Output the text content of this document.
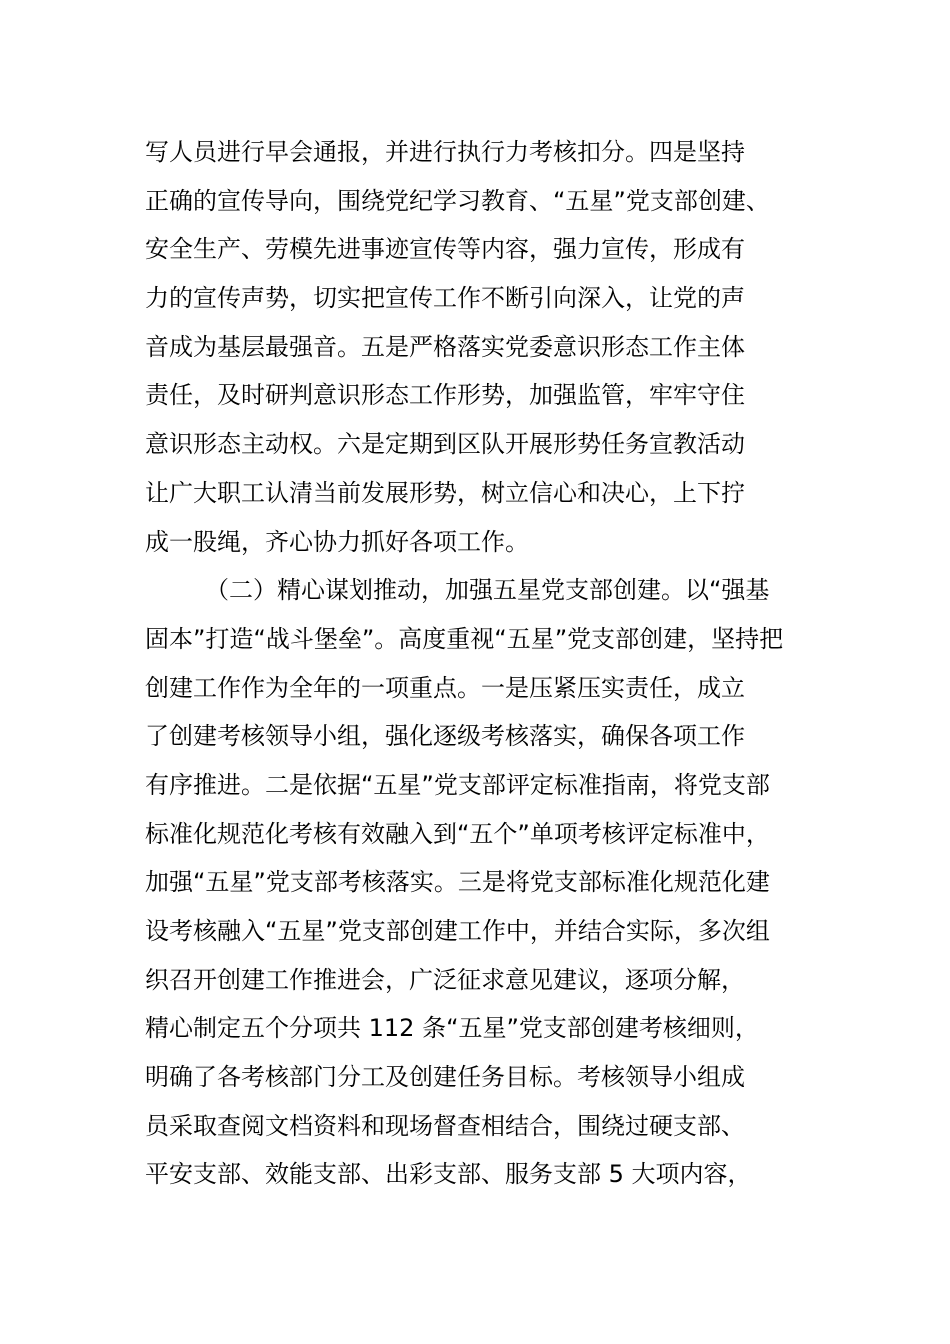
写人员进行早会通报，并进行执行力考核扣分。四是坚持
正确的宣传导向，围绕党纪学习教育、“五星”党支部创建、
安全生产、劳模先进事迹宣传等内容，强力宣传，形成有
力的宣传声势，切实把宣传工作不断引向深入，让党的声
音成为基层最强音。五是严格落实党委意识形态工作主体
责任，及时研判意识形态工作形势，加强监管，牢牢守住
意识形态主动权。六是定期到区队开展形势任务宣教活动
让广大职工认清当前发展形势，树立信心和决心，上下拧
成一股绳，齐心协力抓好各项工作。
（二）精心谋划推动，加强五星党支部创建。以“强基
固本”打造“战斗堡垒”。高度重视“五星”党支部创建，坚持把
创建工作作为全年的一项重点。一是压紧压实责任，成立
了创建考核领导小组，强化逐级考核落实，确保各项工作
有序推进。二是依据“五星”党支部评定标准指南，将党支部
标准化规范化考核有效融入到“五个”单项考核评定标准中，
加强“五星”党支部考核落实。三是将党支部标准化规范化建
设考核融入“五星”党支部创建工作中，并结合实际，多次组
织召开创建工作推进会，广泛征求意见建议，逐项分解，
精心制定五个分项共 112 条“五星”党支部创建考核细则，
明确了各考核部门分工及创建任务目标。考核领导小组成
员采取查阅文档资料和现场督查相结合，围绕过硬支部、
平安支部、效能支部、出彩支部、服务支部 5 大项内容，
